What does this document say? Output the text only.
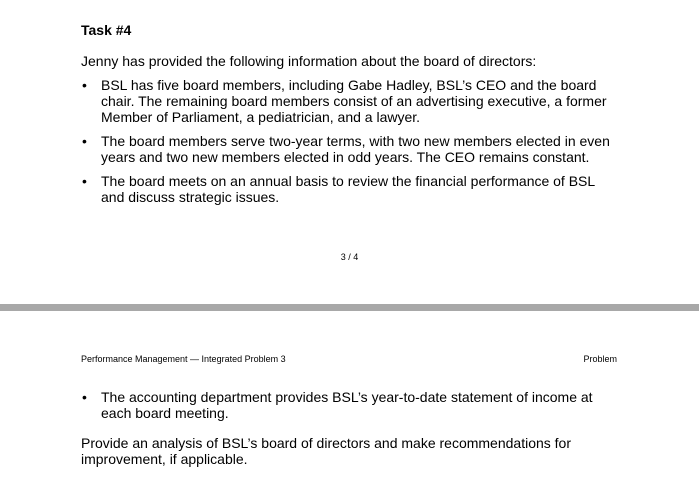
Task #4

Jenny has provided the following information about the board of directors:

• BSL has five board members, including Gabe Hadley, BSL’s CEO and the board chair. The remaining board members consist of an advertising executive, a former Member of Parliament, a pediatrician, and a lawyer.
• The board members serve two-year terms, with two new members elected in even years and two new members elected in odd years. The CEO remains constant.
• The board meets on an annual basis to review the financial performance of BSL and discuss strategic issues.
3 / 4
Performance Management — Integrated Problem 3	Problem
• The accounting department provides BSL’s year-to-date statement of income at each board meeting.

Provide an analysis of BSL’s board of directors and make recommendations for improvement, if applicable.
